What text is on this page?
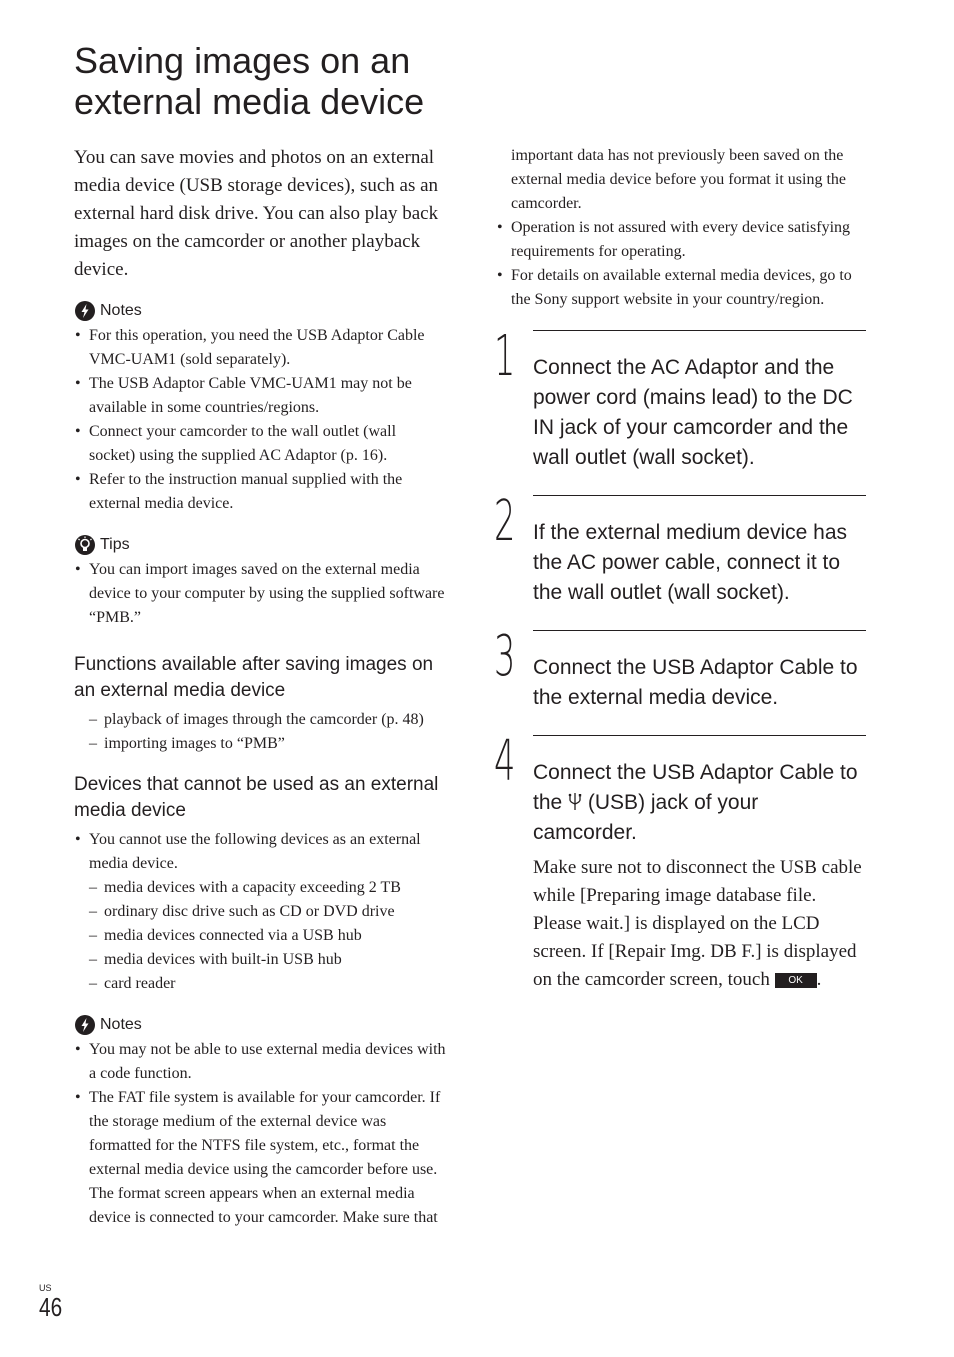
Saving images on an external media device

You can save movies and photos on an external media device (USB storage devices), such as an external hard disk drive. You can also play back images on the camcorder or another playback device.

Notes
• For this operation, you need the USB Adaptor Cable VMC-UAM1 (sold separately).
• The USB Adaptor Cable VMC-UAM1 may not be available in some countries/regions.
• Connect your camcorder to the wall outlet (wall socket) using the supplied AC Adaptor (p. 16).
• Refer to the instruction manual supplied with the external media device.
Tips
• You can import images saved on the external media device to your computer by using the supplied software “PMB.”
Functions available after saving images on an external media device
– playback of images through the camcorder (p. 48)
– importing images to “PMB”
Devices that cannot be used as an external media device
• You cannot use the following devices as an external media device.
– media devices with a capacity exceeding 2 TB
– ordinary disc drive such as CD or DVD drive
– media devices connected via a USB hub
– media devices with built-in USB hub
– card reader
Notes
• You may not be able to use external media devices with a code function.
• The FAT file system is available for your camcorder. If the storage medium of the external device was formatted for the NTFS file system, etc., format the external media device using the camcorder before use. The format screen appears when an external media device is connected to your camcorder. Make sure that

important data has not previously been saved on the external media device before you format it using the camcorder.

• Operation is not assured with every device satisfying requirements for operating.
• For details on available external media devices, go to the Sony support website in your country/region.
1 Connect the AC Adaptor and the power cord (mains lead) to the DC IN jack of your camcorder and the wall outlet (wall socket).

2 If the external medium device has the AC power cable, connect it to the wall outlet (wall socket).

3 Connect the USB Adaptor Cable to the external media device.

4 Connect the USB Adaptor Cable to the (USB) jack of your camcorder.

Make sure not to disconnect the USB cable while [Preparing image database file. Please wait.] is displayed on the LCD screen. If [Repair Img. DB F.] is displayed on the camcorder screen, touch OK .

US
46
